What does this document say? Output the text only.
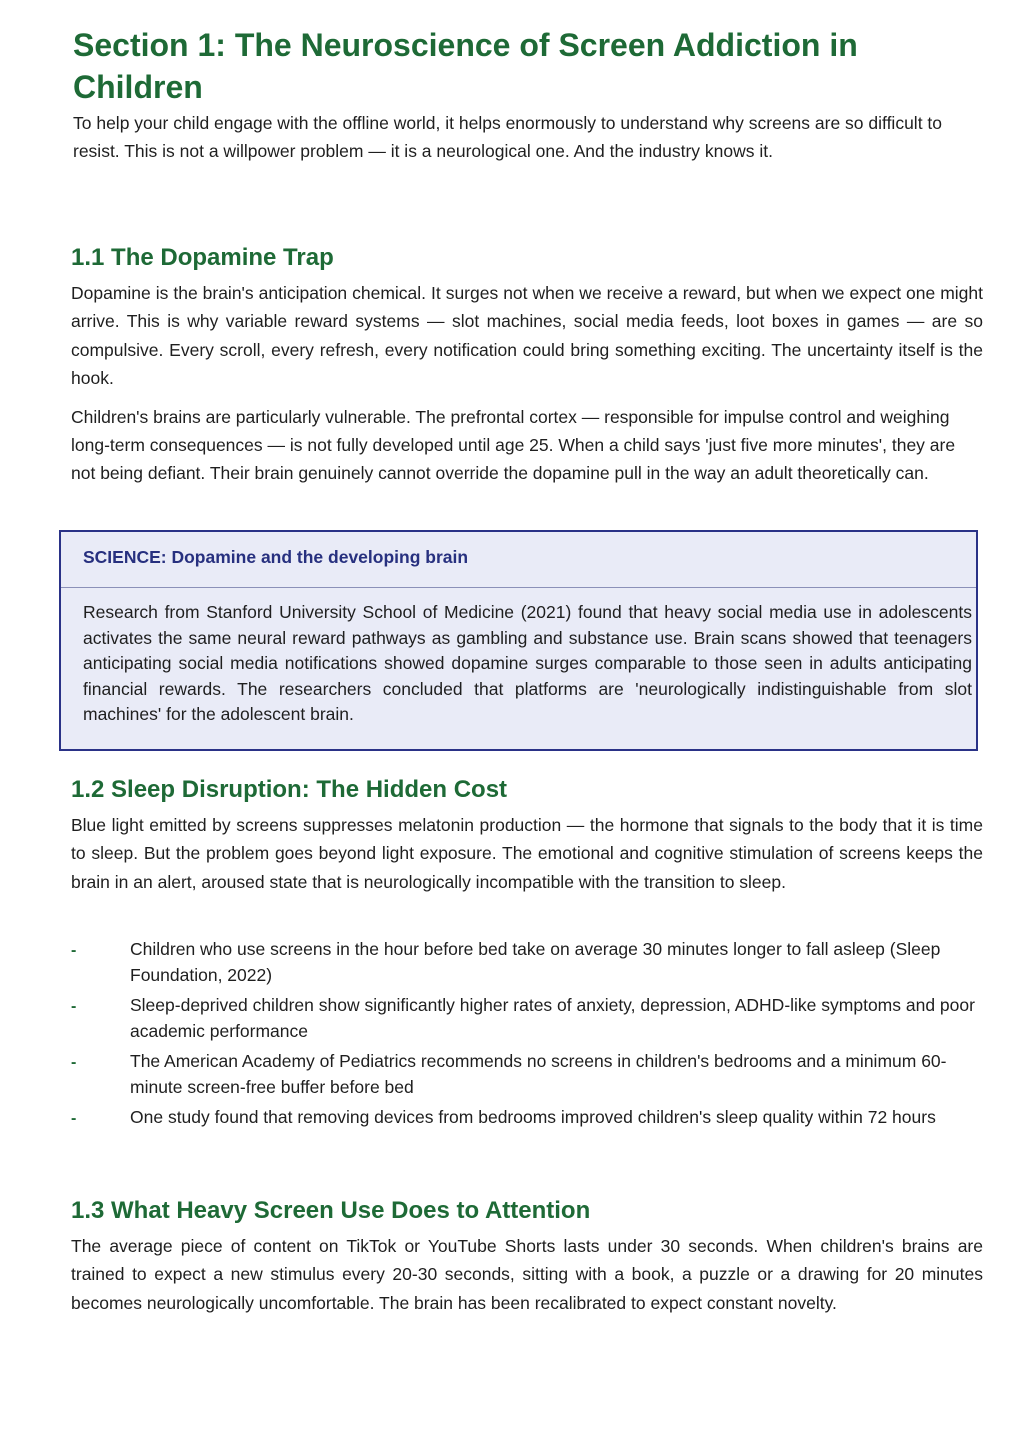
Section 1: The Neuroscience of Screen Addiction in Children

To help your child engage with the offline world, it helps enormously to understand why screens are so difficult to resist. This is not a willpower problem — it is a neurological one. And the industry knows it.

1.1 The Dopamine Trap

Dopamine is the brain's anticipation chemical. It surges not when we receive a reward, but when we expect one might arrive. This is why variable reward systems — slot machines, social media feeds, loot boxes in games — are so compulsive. Every scroll, every refresh, every notification could bring something exciting. The uncertainty itself is the hook.

Children's brains are particularly vulnerable. The prefrontal cortex — responsible for impulse control and weighing long-term consequences — is not fully developed until age 25. When a child says 'just five more minutes', they are not being defiant. Their brain genuinely cannot override the dopamine pull in the way an adult theoretically can.

SCIENCE: Dopamine and the developing brain

Research from Stanford University School of Medicine (2021) found that heavy social media use in adolescents activates the same neural reward pathways as gambling and substance use. Brain scans showed that teenagers anticipating social media notifications showed dopamine surges comparable to those seen in adults anticipating financial rewards. The researchers concluded that platforms are 'neurologically indistinguishable from slot machines' for the adolescent brain.

1.2 Sleep Disruption: The Hidden Cost

Blue light emitted by screens suppresses melatonin production — the hormone that signals to the body that it is time to sleep. But the problem goes beyond light exposure. The emotional and cognitive stimulation of screens keeps the brain in an alert, aroused state that is neurologically incompatible with the transition to sleep.

-	Children who use screens in the hour before bed take on average 30 minutes longer to fall asleep (Sleep Foundation, 2022)
-	Sleep-deprived children show significantly higher rates of anxiety, depression, ADHD-like symptoms and poor academic performance
-	The American Academy of Pediatrics recommends no screens in children's bedrooms and a minimum 60-minute screen-free buffer before bed
-	One study found that removing devices from bedrooms improved children's sleep quality within 72 hours
1.3 What Heavy Screen Use Does to Attention

The average piece of content on TikTok or YouTube Shorts lasts under 30 seconds. When children's brains are trained to expect a new stimulus every 20-30 seconds, sitting with a book, a puzzle or a drawing for 20 minutes becomes neurologically uncomfortable. The brain has been recalibrated to expect constant novelty.
